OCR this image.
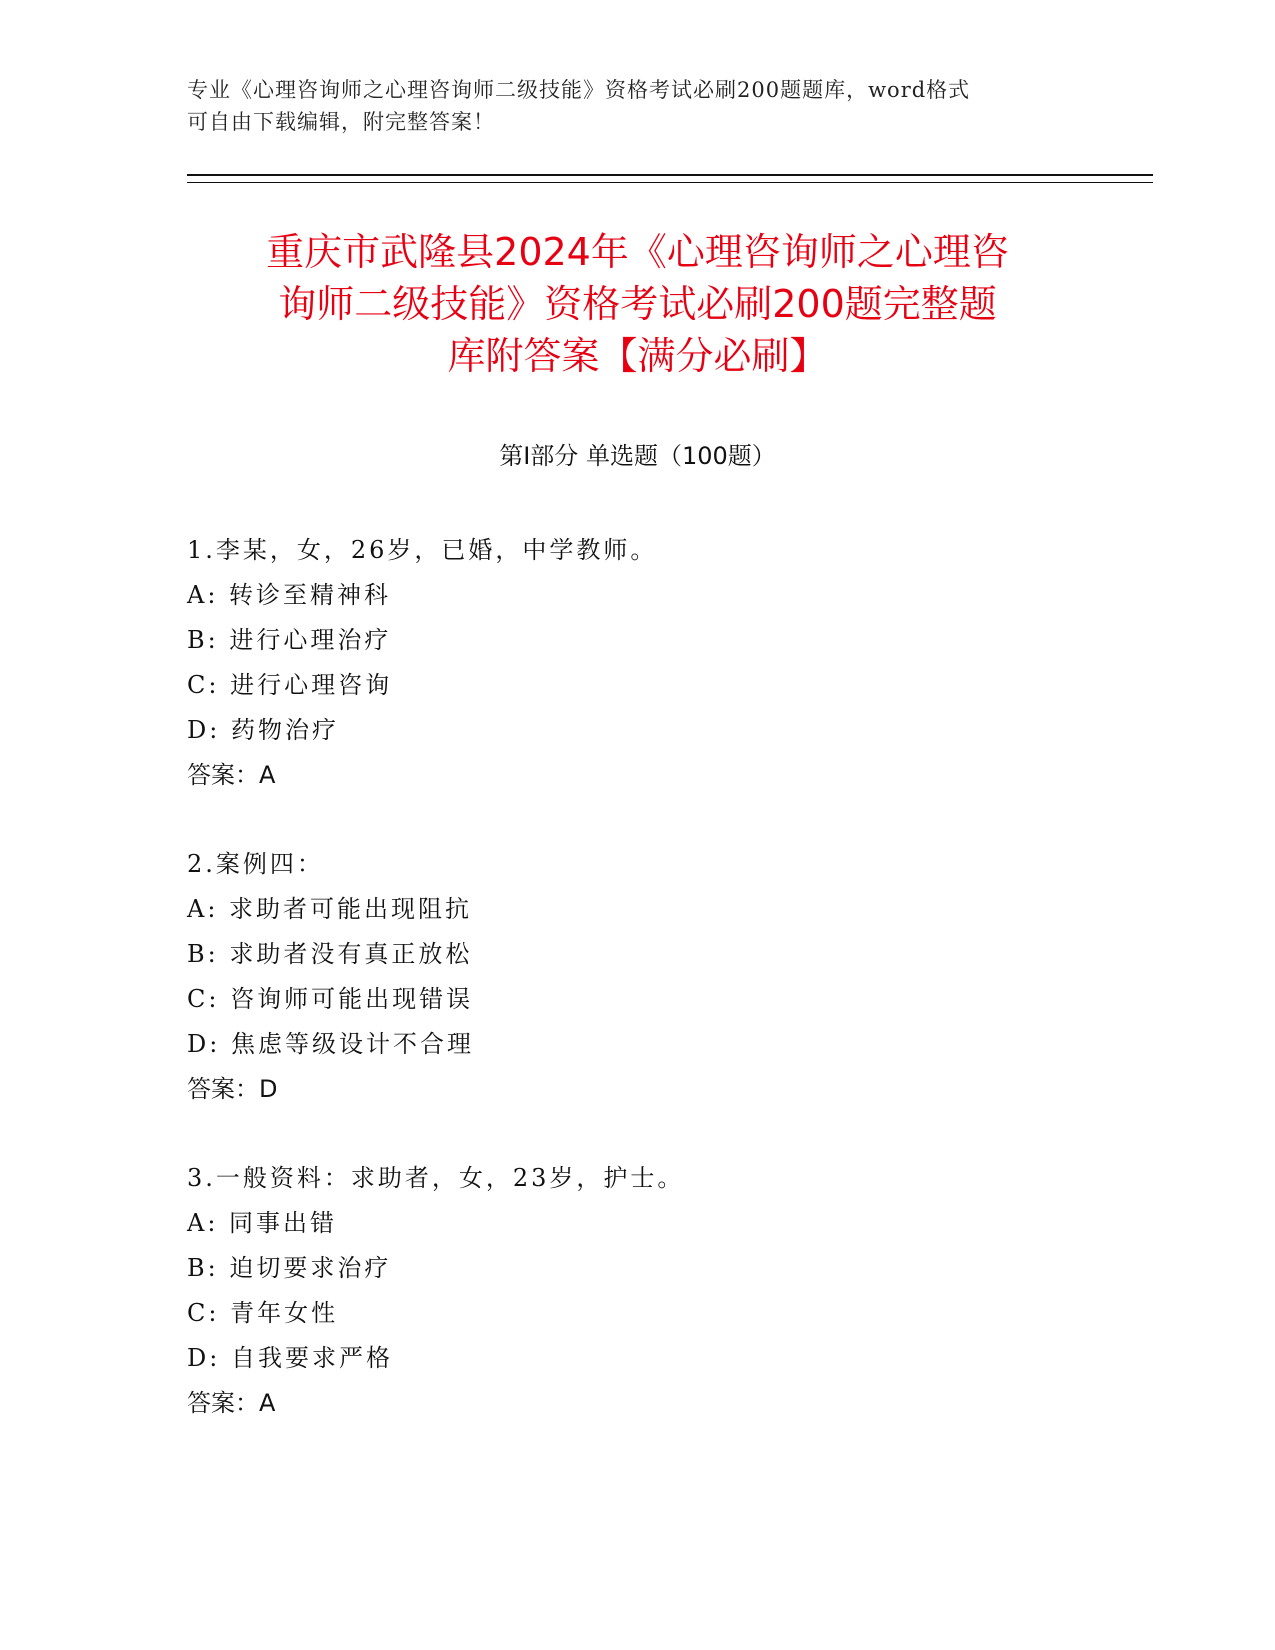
专业《心理咨询师之心理咨询师二级技能》资格考试必刷200题题库，word格式
可自由下载编辑，附完整答案！
重庆市武隆县2024年《心理咨询师之心理咨
询师二级技能》资格考试必刷200题完整题
库附答案【满分必刷】
第Ⅰ部分 单选题（100题）
1.李某，女，26岁，已婚，中学教师。
A: 转诊至精神科
B: 进行心理治疗
C: 进行心理咨询
D: 药物治疗
答案：A
2.案例四：
A: 求助者可能出现阻抗
B: 求助者没有真正放松
C: 咨询师可能出现错误
D: 焦虑等级设计不合理
答案：D
3.一般资料：求助者，女，23岁，护士。
A: 同事出错
B: 迫切要求治疗
C: 青年女性
D: 自我要求严格
答案：A
